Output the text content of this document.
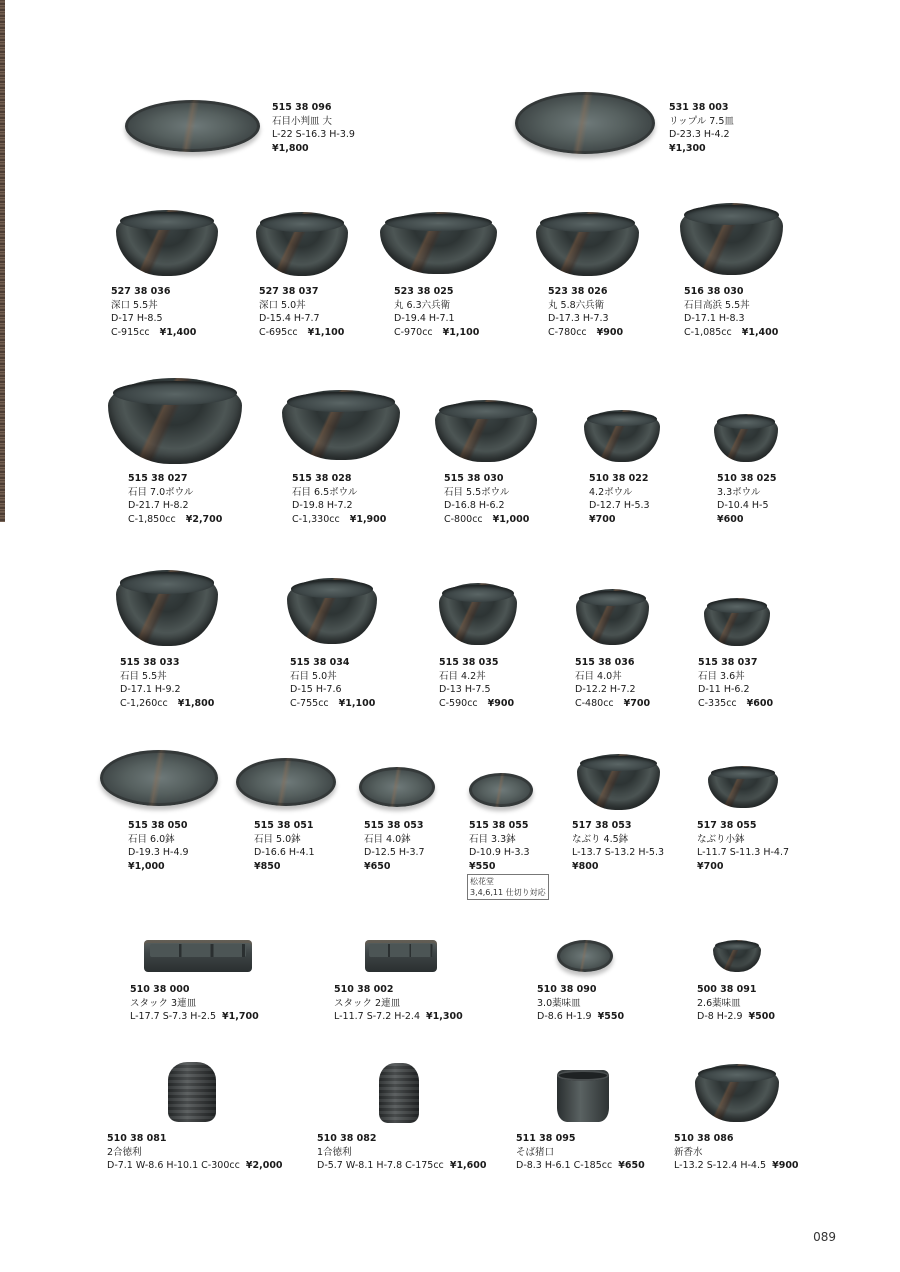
515 38 096
石目小判皿 大
L-22 S-16.3 H-3.9
¥1,800
531 38 003
リップル 7.5皿
D-23.3 H-4.2
¥1,300
527 38 036
深口 5.5丼
D-17 H-8.5
C-915cc ¥1,400
527 38 037
深口 5.0丼
D-15.4 H-7.7
C-695cc ¥1,100
523 38 025
丸 6.3六兵衛
D-19.4 H-7.1
C-970cc ¥1,100
523 38 026
丸 5.8六兵衛
D-17.3 H-7.3
C-780cc ¥900
516 38 030
石目高浜 5.5丼
D-17.1 H-8.3
C-1,085cc ¥1,400
515 38 027
石目 7.0ボウル
D-21.7 H-8.2
C-1,850cc ¥2,700
515 38 028
石目 6.5ボウル
D-19.8 H-7.2
C-1,330cc ¥1,900
515 38 030
石目 5.5ボウル
D-16.8 H-6.2
C-800cc ¥1,000
510 38 022
4.2ボウル
D-12.7 H-5.3
¥700
510 38 025
3.3ボウル
D-10.4 H-5
¥600
515 38 033
石目 5.5丼
D-17.1 H-9.2
C-1,260cc ¥1,800
515 38 034
石目 5.0丼
D-15 H-7.6
C-755cc ¥1,100
515 38 035
石目 4.2丼
D-13 H-7.5
C-590cc ¥900
515 38 036
石目 4.0丼
D-12.2 H-7.2
C-480cc ¥700
515 38 037
石目 3.6丼
D-11 H-6.2
C-335cc ¥600
515 38 050
石目 6.0鉢
D-19.3 H-4.9
¥1,000
515 38 051
石目 5.0鉢
D-16.6 H-4.1
¥850
515 38 053
石目 4.0鉢
D-12.5 H-3.7
¥650
515 38 055
石目 3.3鉢
D-10.9 H-3.3
¥550
松花堂
3,4,6,11 仕切り対応
517 38 053
なぶり 4.5鉢
L-13.7 S-13.2 H-5.3
¥800
517 38 055
なぶり小鉢
L-11.7 S-11.3 H-4.7
¥700
510 38 000
スタック 3連皿
L-17.7 S-7.3 H-2.5 ¥1,700
510 38 002
スタック 2連皿
L-11.7 S-7.2 H-2.4 ¥1,300
510 38 090
3.0薬味皿
D-8.6 H-1.9 ¥550
500 38 091
2.6薬味皿
D-8 H-2.9 ¥500
510 38 081
2合徳利
D-7.1 W-8.6 H-10.1 C-300cc ¥2,000
510 38 082
1合徳利
D-5.7 W-8.1 H-7.8 C-175cc ¥1,600
511 38 095
そば猪口
D-8.3 H-6.1 C-185cc ¥650
510 38 086
新香水
L-13.2 S-12.4 H-4.5 ¥900
089
